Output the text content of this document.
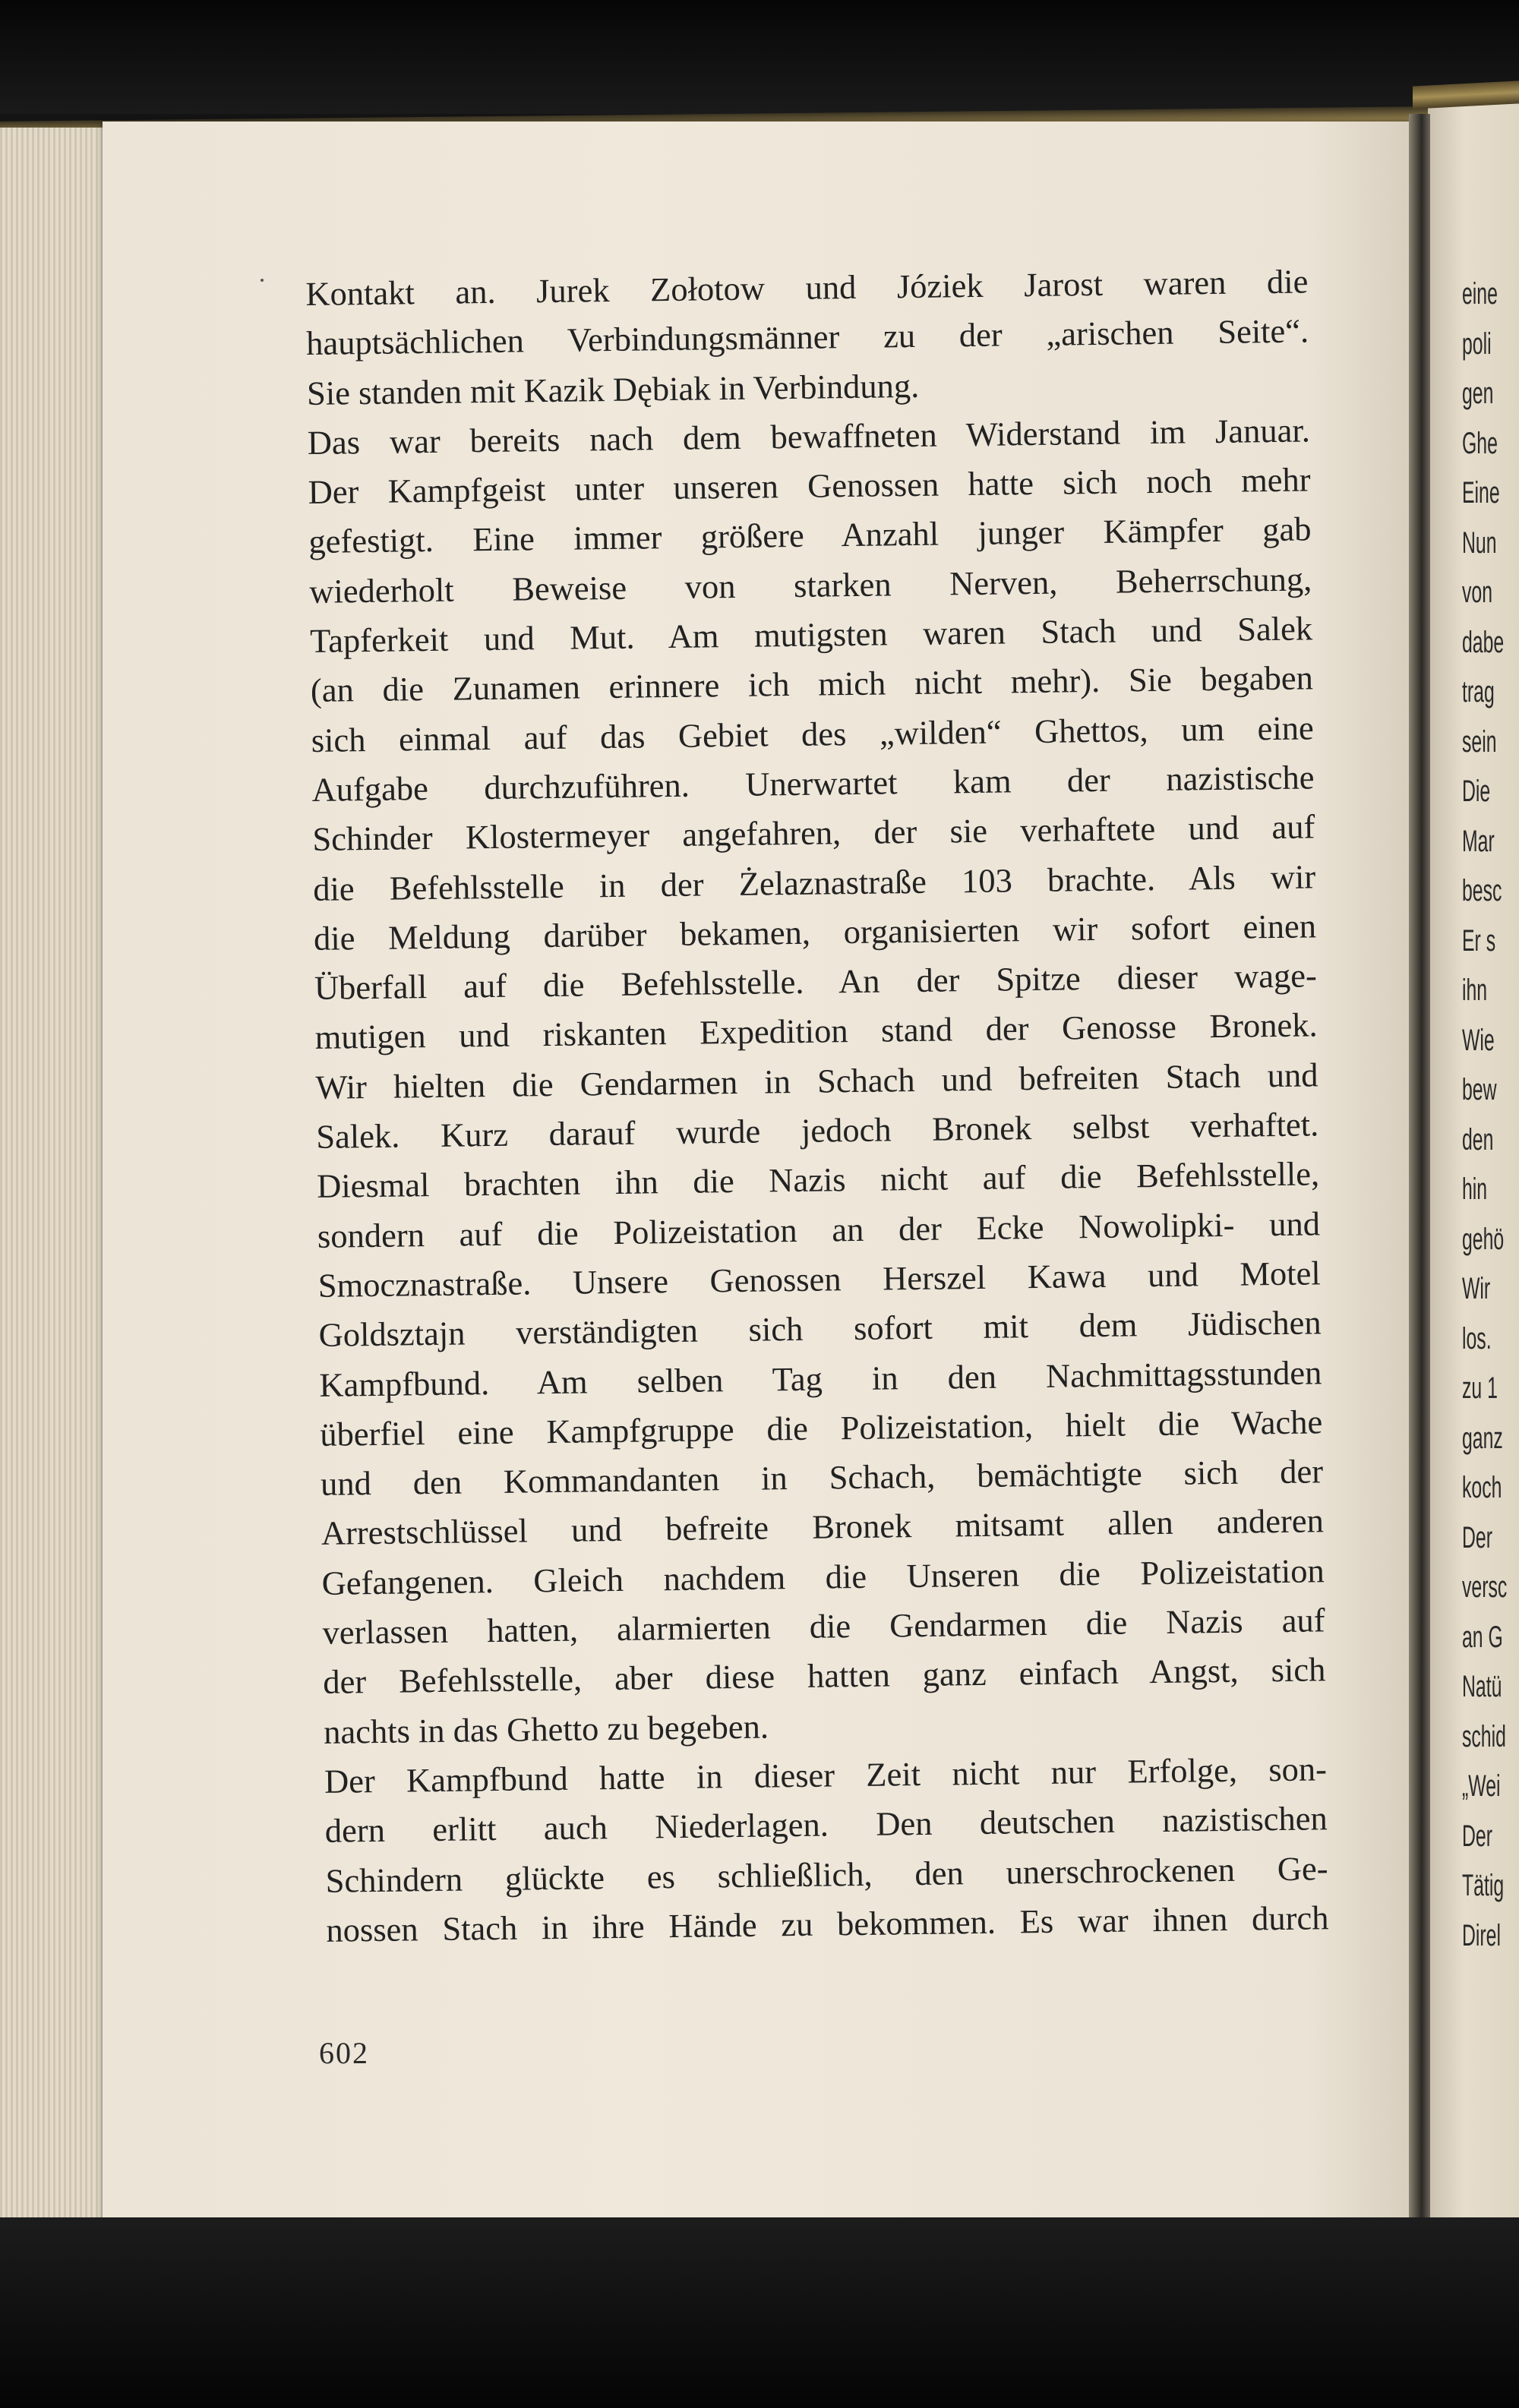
Kontakt an. Jurek Zołotow und Józiek Jarost waren die
hauptsächlichen Verbindungsmänner zu der „arischen Seite“.
Sie standen mit Kazik Dębiak in Verbindung.
Das war bereits nach dem bewaffneten Widerstand im Januar.
Der Kampfgeist unter unseren Genossen hatte sich noch mehr
gefestigt. Eine immer größere Anzahl junger Kämpfer gab
wiederholt Beweise von starken Nerven, Beherrschung,
Tapferkeit und Mut. Am mutigsten waren Stach und Salek
(an die Zunamen erinnere ich mich nicht mehr). Sie begaben
sich einmal auf das Gebiet des „wilden“ Ghettos, um eine
Aufgabe durchzuführen. Unerwartet kam der nazistische
Schinder Klostermeyer angefahren, der sie verhaftete und auf
die Befehlsstelle in der Żelaznastraße 103 brachte. Als wir
die Meldung darüber bekamen, organisierten wir sofort einen
Überfall auf die Befehlsstelle. An der Spitze dieser wage-
mutigen und riskanten Expedition stand der Genosse Bronek.
Wir hielten die Gendarmen in Schach und befreiten Stach und
Salek. Kurz darauf wurde jedoch Bronek selbst verhaftet.
Diesmal brachten ihn die Nazis nicht auf die Befehlsstelle,
sondern auf die Polizeistation an der Ecke Nowolipki- und
Smocznastraße. Unsere Genossen Herszel Kawa und Motel
Goldsztajn verständigten sich sofort mit dem Jüdischen
Kampfbund. Am selben Tag in den Nachmittagsstunden
überfiel eine Kampfgruppe die Polizeistation, hielt die Wache
und den Kommandanten in Schach, bemächtigte sich der
Arrestschlüssel und befreite Bronek mitsamt allen anderen
Gefangenen. Gleich nachdem die Unseren die Polizeistation
verlassen hatten, alarmierten die Gendarmen die Nazis auf
der Befehlsstelle, aber diese hatten ganz einfach Angst, sich
nachts in das Ghetto zu begeben.
Der Kampfbund hatte in dieser Zeit nicht nur Erfolge, son-
dern erlitt auch Niederlagen. Den deutschen nazistischen
Schindern glückte es schließlich, den unerschrockenen Ge-
nossen Stach in ihre Hände zu bekommen. Es war ihnen durch
602
eine
poli
gen
Ghe
Eine
Nun
von
dabe
trag
sein
Die
Mar
besc
Er s
ihn
Wie
bew
den
hin
gehö
Wir
los.
zu 1
ganz
koch
Der
versc
an G
Natü
schid
„Wei
Der
Tätig
Direl
